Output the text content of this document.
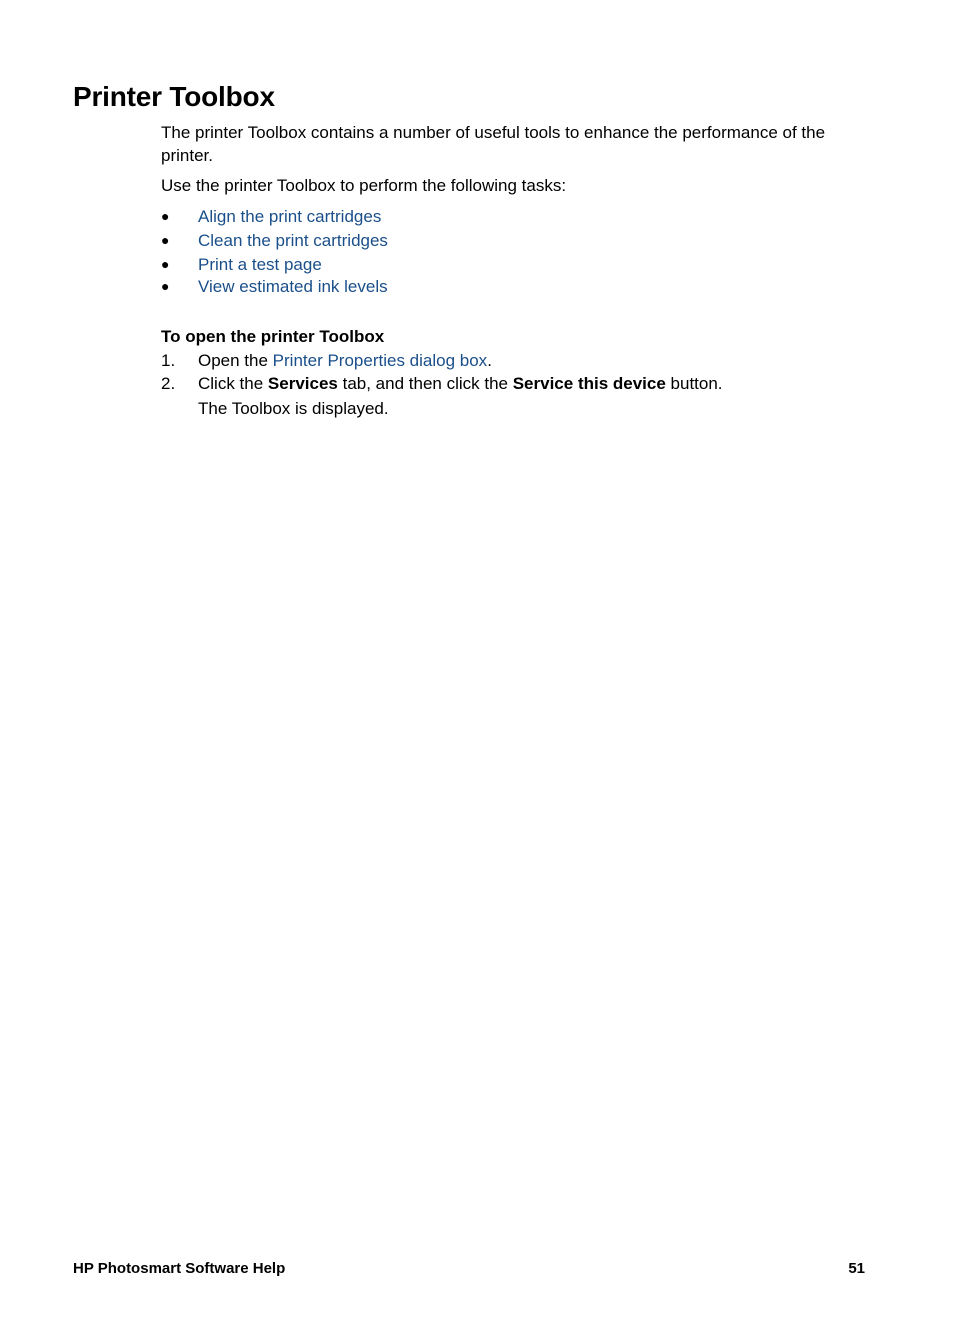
Printer Toolbox

The printer Toolbox contains a number of useful tools to enhance the performance of the printer.

Use the printer Toolbox to perform the following tasks:

● Align the print cartridges
● Clean the print cartridges
● Print a test page
● View estimated ink levels

To open the printer Toolbox

1. Open the Printer Properties dialog box.
2. Click the Services tab, and then click the Service this device button.

The Toolbox is displayed.

HP Photosmart Software Help	51
